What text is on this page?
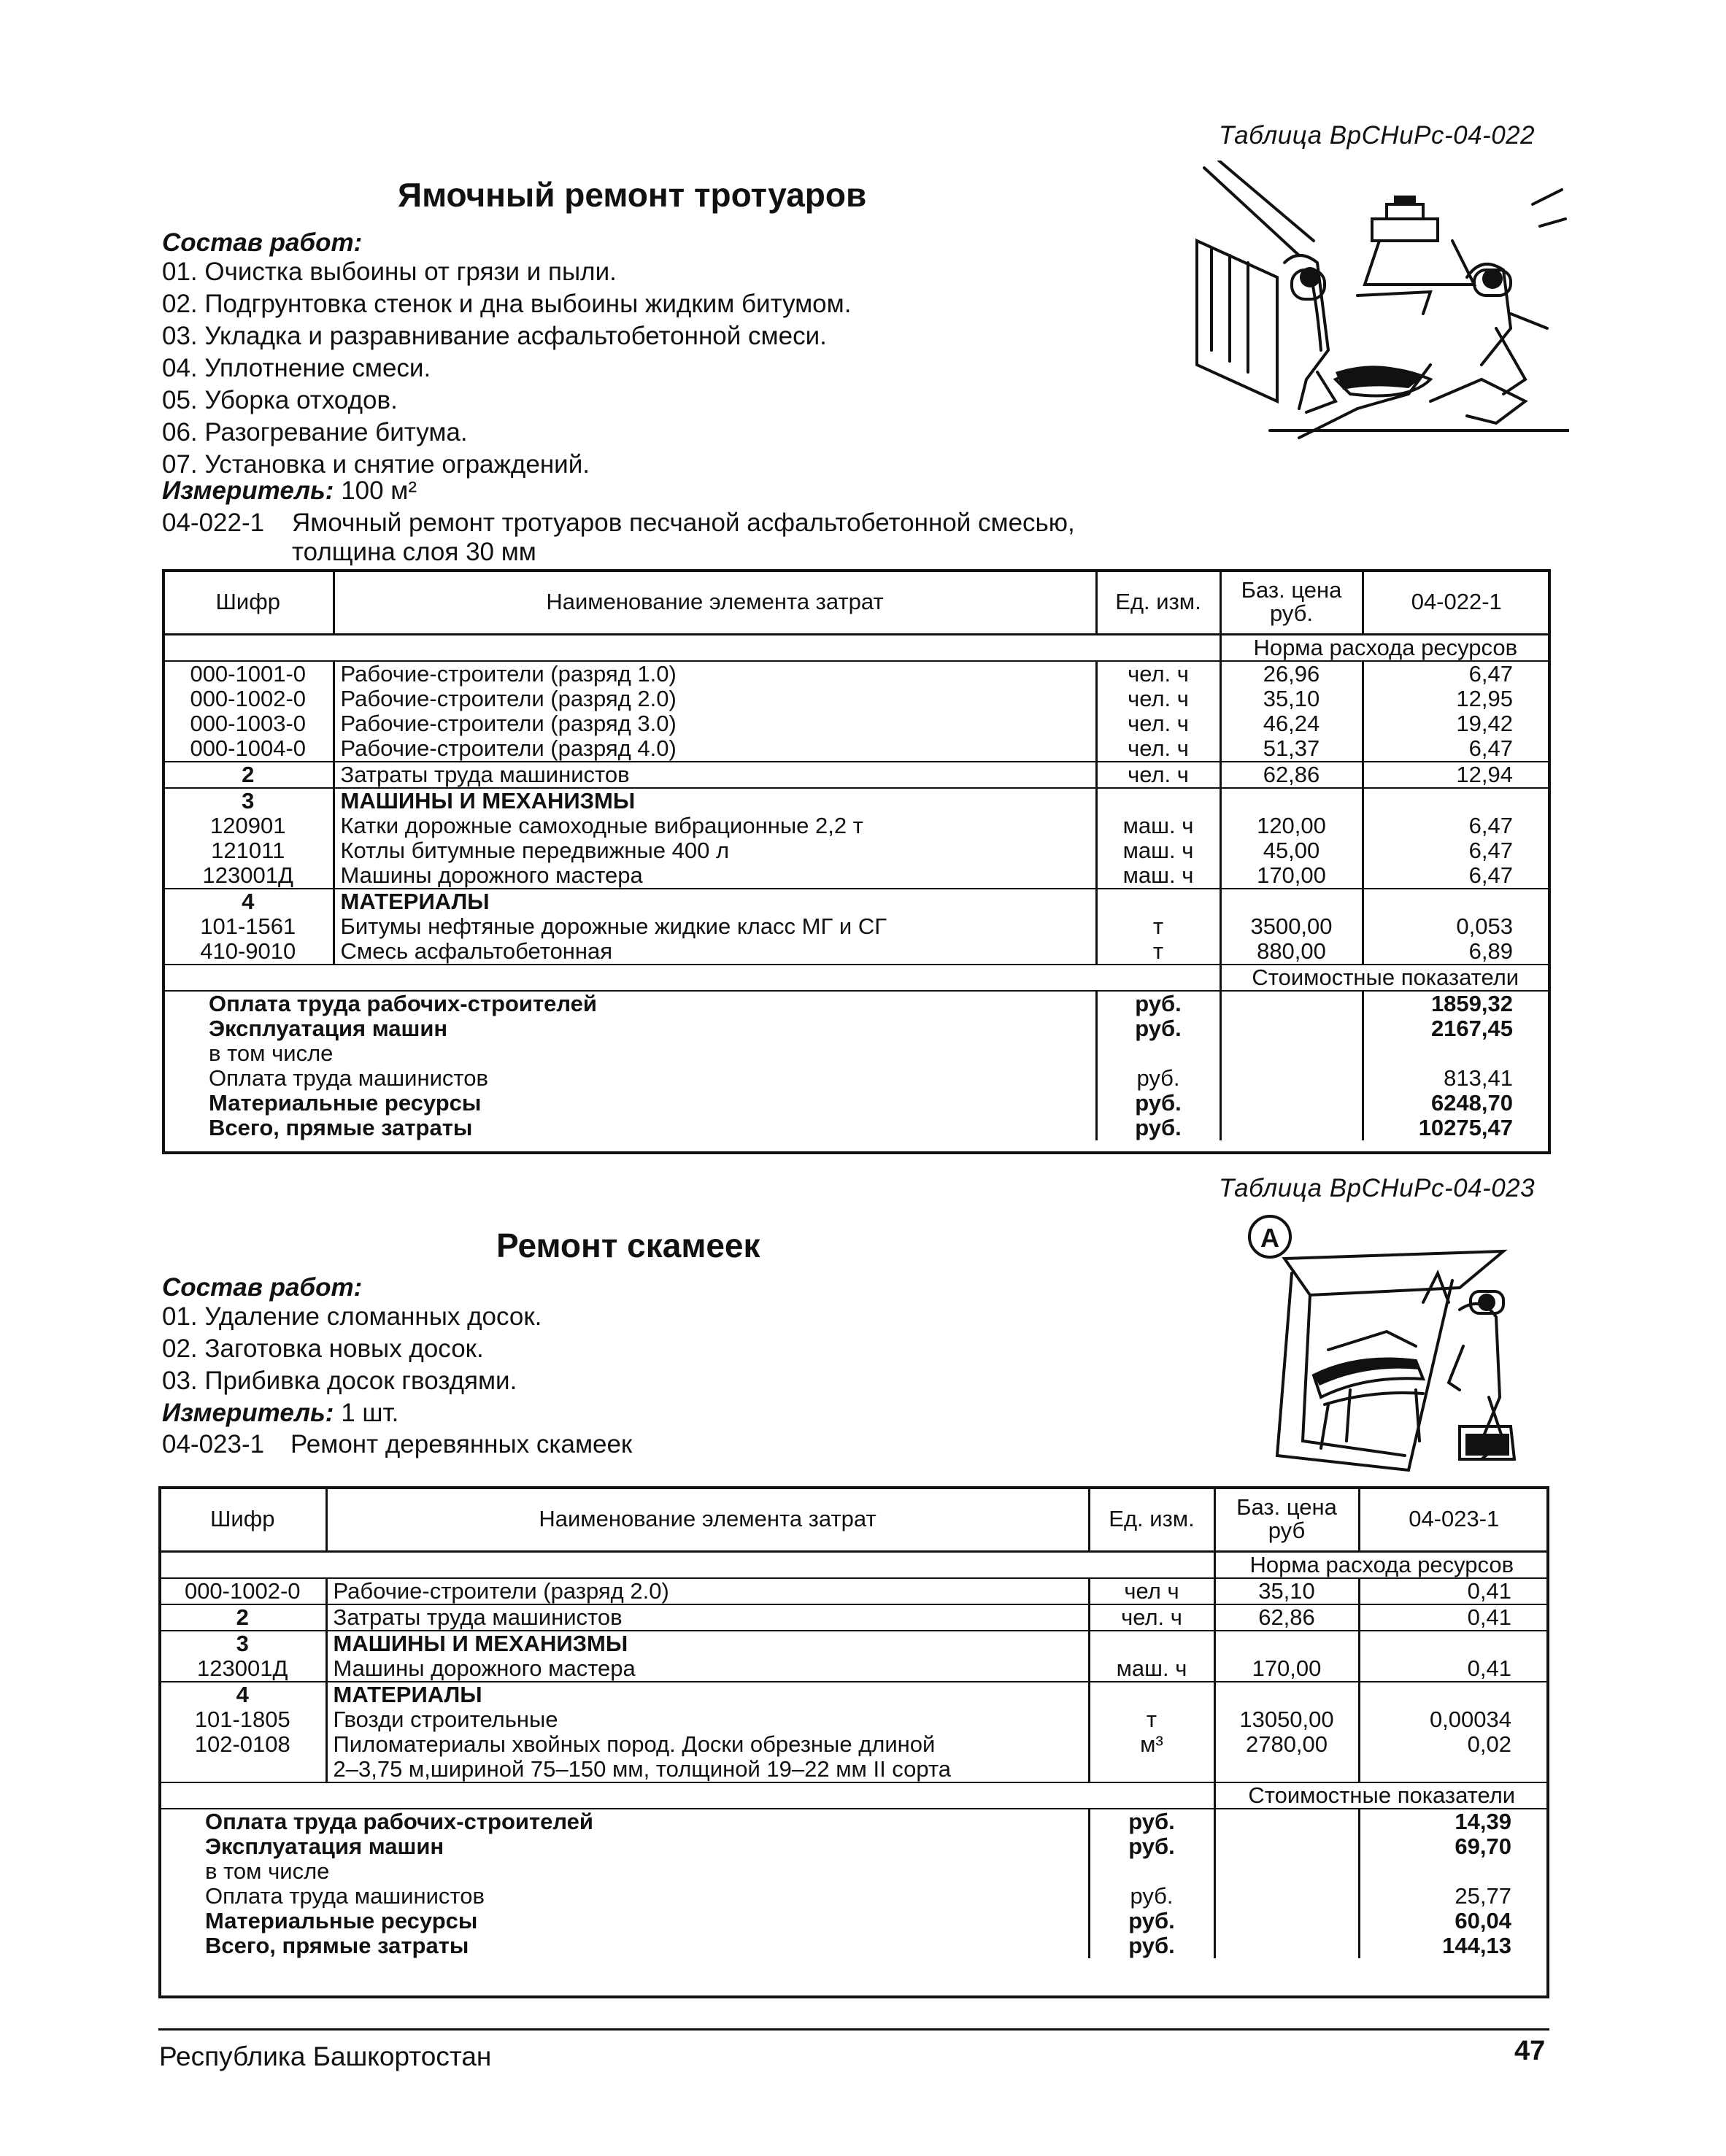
Таблица ВрСНиРс-04-022
Ямочный ремонт тротуаров
Состав работ:
01. Очистка выбоины от грязи и пыли.
02. Подгрунтовка стенок и дна выбоины жидким битумом.
03. Укладка и разравнивание асфальтобетонной смеси.
04. Уплотнение смеси.
05. Уборка отходов.
06. Разогревание битума.
07. Установка и снятие ограждений.
Измеритель: 100 м²
04-022-1 Ямочный ремонт тротуаров песчаной асфальтобетонной смесью,
толщина слоя 30 мм
Шифр	Наименование элемента затрат	Ед. изм.	Баз. цена руб.	04-022-1
			Норма расхода ресурсов	
000-1001-0	Рабочие-строители (разряд 1.0)	чел. ч	26,96	6,47
000-1002-0	Рабочие-строители (разряд 2.0)	чел. ч	35,10	12,95
000-1003-0	Рабочие-строители (разряд 3.0)	чел. ч	46,24	19,42
000-1004-0	Рабочие-строители (разряд 4.0)	чел. ч	51,37	6,47
2	Затраты труда машинистов	чел. ч	62,86	12,94
3	МАШИНЫ И МЕХАНИЗМЫ			
120901	Катки дорожные самоходные вибрационные 2,2 т	маш. ч	120,00	6,47
121011	Котлы битумные передвижные 400 л	маш. ч	45,00	6,47
123001Д	Машины дорожного мастера	маш. ч	170,00	6,47
4	МАТЕРИАЛЫ			
101-1561	Битумы нефтяные дорожные жидкие класс МГ и СГ	т	3500,00	0,053
410-9010	Смесь асфальтобетонная	т	880,00	6,89
			Стоимостные показатели	
Оплата труда рабочих-строителей		руб.		1859,32
Эксплуатация машин		руб.		2167,45
в том числе				
Оплата труда машинистов		руб.		813,41
Материальные ресурсы		руб.		6248,70
Всего, прямые затраты		руб.		10275,47
Таблица ВрСНиРс-04-023
Ремонт скамеек	A
Состав работ:
01. Удаление сломанных досок.
02. Заготовка новых досок.
03. Прибивка досок гвоздями.
Измеритель: 1 шт.
04-023-1 Ремонт деревянных скамеек
Шифр	Наименование элемента затрат	Ед. изм.	Баз. цена руб	04-023-1
			Норма расхода ресурсов	
000-1002-0	Рабочие-строители (разряд 2.0)	чел ч	35,10	0,41
2	Затраты труда машинистов	чел. ч	62,86	0,41
3	МАШИНЫ И МЕХАНИЗМЫ			
123001Д	Машины дорожного мастера	маш. ч	170,00	0,41
4	МАТЕРИАЛЫ			
101-1805	Гвозди строительные	т	13050,00	0,00034
102-0108	Пиломатериалы хвойных пород. Доски обрезные длиной	м³	2780,00	0,02
	2–3,75 м,шириной 75–150 мм, толщиной 19–22 мм II сорта			
			Стоимостные показатели	
Оплата труда рабочих-строителей		руб.		14,39
Эксплуатация машин		руб.		69,70
в том числе				
Оплата труда машинистов		руб.		25,77
Материальные ресурсы		руб.		60,04
Всего, прямые затраты		руб.		144,13
Республика Башкортостан	47
